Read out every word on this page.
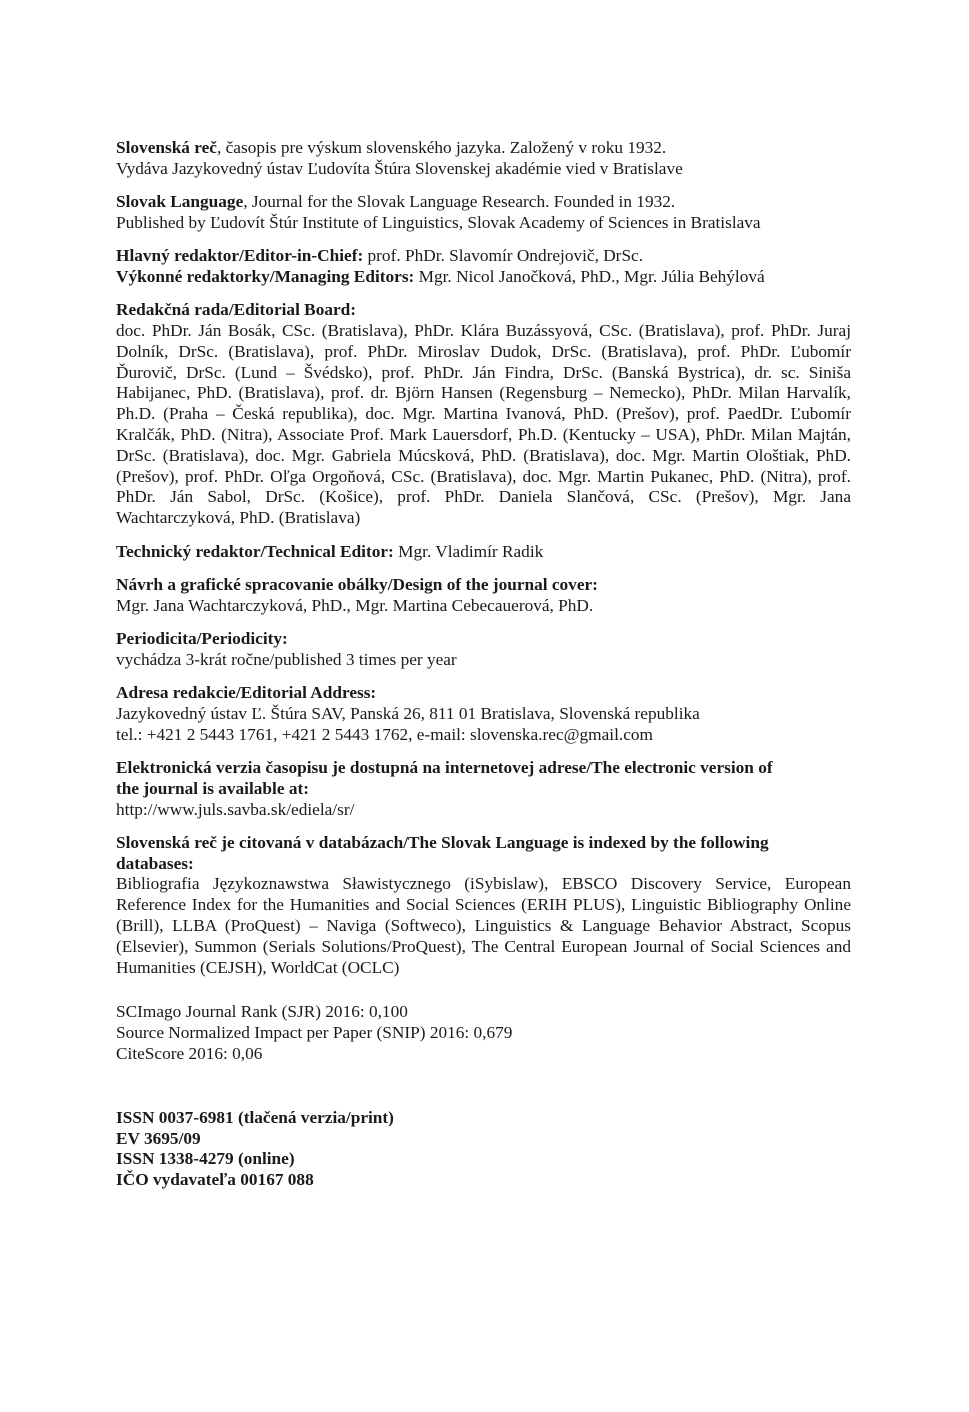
Slovenská reč, časopis pre výskum slovenského jazyka. Založený v roku 1932.
Vydáva Jazykovedný ústav Ľudovíta Štúra Slovenskej akadémie vied v Bratislave
Slovak Language, Journal for the Slovak Language Research. Founded in 1932.
Published by Ľudovít Štúr Institute of Linguistics, Slovak Academy of Sciences in Bratislava
Hlavný redaktor/Editor-in-Chief: prof. PhDr. Slavomír Ondrejovič, DrSc.
Výkonné redaktorky/Managing Editors: Mgr. Nicol Janočková, PhD., Mgr. Júlia Behýlová
Redakčná rada/Editorial Board:
doc. PhDr. Ján Bosák, CSc. (Bratislava), PhDr. Klára Buzássyová, CSc. (Bratislava), prof. PhDr. Juraj Dolník, DrSc. (Bratislava), prof. PhDr. Miroslav Dudok, DrSc. (Bratislava), prof. PhDr. Ľubomír Ďurovič, DrSc. (Lund – Švédsko), prof. PhDr. Ján Findra, DrSc. (Banská Bystrica), dr. sc. Siniša Habijanec, PhD. (Bratislava), prof. dr. Björn Hansen (Regensburg – Nemecko), PhDr. Milan Harvalík, Ph.D. (Praha – Česká republika), doc. Mgr. Martina Ivanová, PhD. (Prešov), prof. PaedDr. Ľubomír Kralčák, PhD. (Nitra), Associate Prof. Mark Lauersdorf, Ph.D. (Kentucky – USA), PhDr. Milan Majtán, DrSc. (Bratislava), doc. Mgr. Gabriela Múcsková, PhD. (Bratislava), doc. Mgr. Martin Ološtiak, PhD. (Prešov), prof. PhDr. Oľga Orgoňová, CSc. (Bratislava), doc. Mgr. Martin Pukanec, PhD. (Nitra), prof. PhDr. Ján Sabol, DrSc. (Košice), prof. PhDr. Daniela Slančová, CSc. (Prešov), Mgr. Jana Wachtarczyková, PhD. (Bratislava)
Technický redaktor/Technical Editor: Mgr. Vladimír Radik
Návrh a grafické spracovanie obálky/Design of the journal cover:
Mgr. Jana Wachtarczyková, PhD., Mgr. Martina Cebecauerová, PhD.
Periodicita/Periodicity:
vychádza 3-krát ročne/published 3 times per year
Adresa redakcie/Editorial Address:
Jazykovedný ústav Ľ. Štúra SAV, Panská 26, 811 01 Bratislava, Slovenská republika
tel.: +421 2 5443 1761, +421 2 5443 1762, e-mail: slovenska.rec@gmail.com
Elektronická verzia časopisu je dostupná na internetovej adrese/The electronic version of
the journal is available at:
http://www.juls.savba.sk/ediela/sr/
Slovenská reč je citovaná v databázach/The Slovak Language is indexed by the following
databases:
Bibliografia Językoznawstwa Sławistycznego (iSybislaw), EBSCO Discovery Service, European Reference Index for the Humanities and Social Sciences (ERIH PLUS), Linguistic Bibliography Online (Brill), LLBA (ProQuest) – Naviga (Softweco), Linguistics & Language Behavior Abstract, Scopus (Elsevier), Summon (Serials Solutions/ProQuest), The Central European Journal of Social Sciences and Humanities (CEJSH), WorldCat (OCLC)
SCImago Journal Rank (SJR) 2016: 0,100
Source Normalized Impact per Paper (SNIP) 2016: 0,679
CiteScore 2016: 0,06
ISSN 0037-6981 (tlačená verzia/print)
EV 3695/09
ISSN 1338-4279 (online)
IČO vydavateľa 00167 088
